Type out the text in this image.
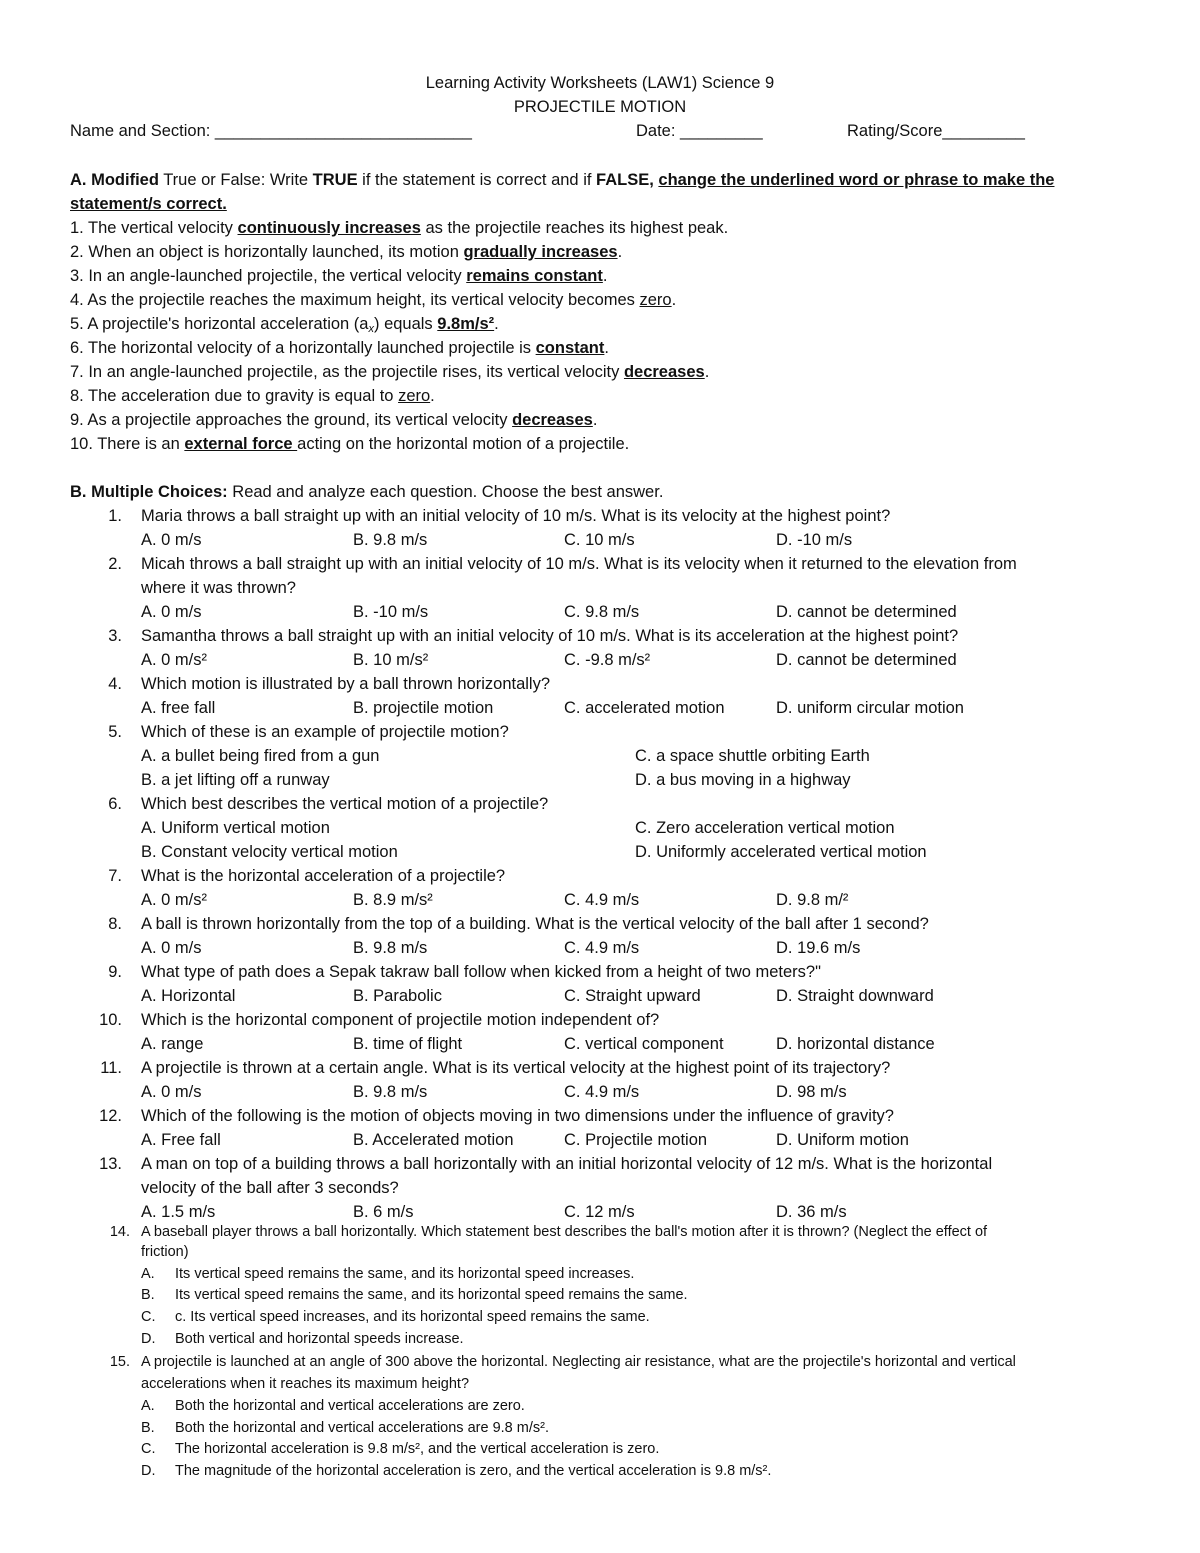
Learning Activity Worksheets (LAW1) Science 9
PROJECTILE MOTION
Name and Section: ____________________________	Date: _________	Rating/Score_________
A. Modified True or False: Write TRUE if the statement is correct and if FALSE, change the underlined word or phrase to make the
statement/s correct.
1. The vertical velocity continuously increases as the projectile reaches its highest peak.
2. When an object is horizontally launched, its motion gradually increases.
3. In an angle-launched projectile, the vertical velocity remains constant.
4. As the projectile reaches the maximum height, its vertical velocity becomes zero.
5. A projectile's horizontal acceleration $(a_x)$ equals 9.8m/s².
6. The horizontal velocity of a horizontally launched projectile is constant.
7. In an angle-launched projectile, as the projectile rises, its vertical velocity decreases.
8. The acceleration due to gravity is equal to zero.
9. As a projectile approaches the ground, its vertical velocity decreases.
10. There is an external force acting on the horizontal motion of a projectile.
B. Multiple Choices: Read and analyze each question. Choose the best answer.
1. Maria throws a ball straight up with an initial velocity of 10 m/s. What is its velocity at the highest point?
A. 0 m/s	B. 9.8 m/s	C. 10 m/s	D. -10 m/s
2. Micah throws a ball straight up with an initial velocity of 10 m/s. What is its velocity when it returned to the elevation from
where it was thrown?
A. 0 m/s	B. -10 m/s	C. 9.8 m/s	D. cannot be determined
3. Samantha throws a ball straight up with an initial velocity of 10 m/s. What is its acceleration at the highest point?
A. 0 m/s²	B. 10 m/s²	C. -9.8 m/s²	D. cannot be determined
4. Which motion is illustrated by a ball thrown horizontally?
A. free fall	B. projectile motion	C. accelerated motion	D. uniform circular motion
5. Which of these is an example of projectile motion?
A. a bullet being fired from a gun	C. a space shuttle orbiting Earth
B. a jet lifting off a runway	D. a bus moving in a highway
6. Which best describes the vertical motion of a projectile?
A. Uniform vertical motion	C. Zero acceleration vertical motion
B. Constant velocity vertical motion	D. Uniformly accelerated vertical motion
7. What is the horizontal acceleration of a projectile?
A. 0 m/s²	B. 8.9 m/s²	C. 4.9 m/s	D. 9.8 m/²
8. A ball is thrown horizontally from the top of a building. What is the vertical velocity of the ball after 1 second?
A. 0 m/s	B. 9.8 m/s	C. 4.9 m/s	D. 19.6 m/s
9. What type of path does a Sepak takraw ball follow when kicked from a height of two meters?"
A. Horizontal	B. Parabolic	C. Straight upward	D. Straight downward
10. Which is the horizontal component of projectile motion independent of?
A. range	B. time of flight	C. vertical component	D. horizontal distance
11. A projectile is thrown at a certain angle. What is its vertical velocity at the highest point of its trajectory?
A. 0 m/s	B. 9.8 m/s	C. 4.9 m/s	D. 98 m/s
12. Which of the following is the motion of objects moving in two dimensions under the influence of gravity?
A. Free fall	B. Accelerated motion	C. Projectile motion	D. Uniform motion
13. A man on top of a building throws a ball horizontally with an initial horizontal velocity of 12 m/s. What is the horizontal
velocity of the ball after 3 seconds?
A. 1.5 m/s	B. 6 m/s	C. 12 m/s	D. 36 m/s
14. A baseball player throws a ball horizontally. Which statement best describes the ball's motion after it is thrown? (Neglect the effect of
friction)
A. Its vertical speed remains the same, and its horizontal speed increases.
B. Its vertical speed remains the same, and its horizontal speed remains the same.
C. c. Its vertical speed increases, and its horizontal speed remains the same.
D. Both vertical and horizontal speeds increase.
15. A projectile is launched at an angle of 300 above the horizontal. Neglecting air resistance, what are the projectile's horizontal and vertical
accelerations when it reaches its maximum height?
A. Both the horizontal and vertical accelerations are zero.
B. Both the horizontal and vertical accelerations are 9.8 m/s².
C. The horizontal acceleration is 9.8 m/s², and the vertical acceleration is zero.
D. The magnitude of the horizontal acceleration is zero, and the vertical acceleration is 9.8 m/s².
